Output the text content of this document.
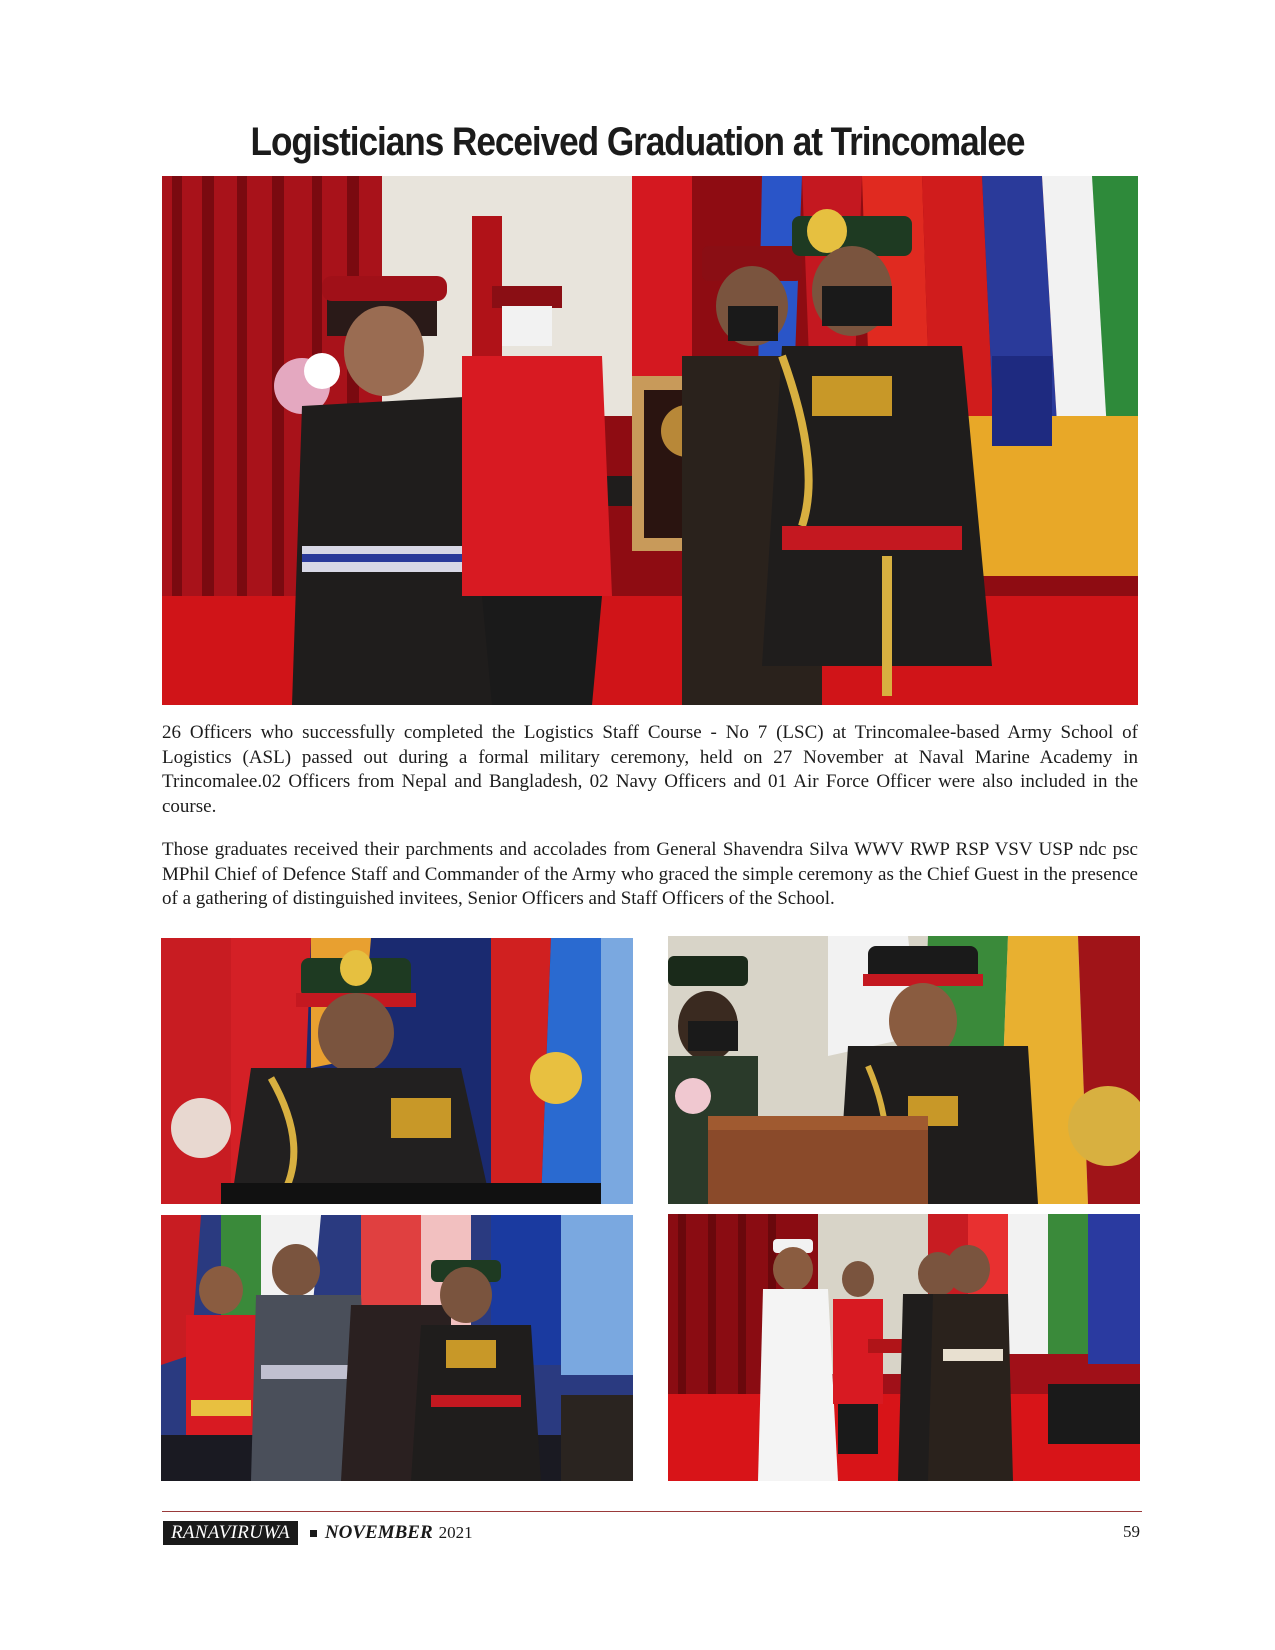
Logisticians Received Graduation at Trincomalee

26 Officers who successfully completed the Logistics Staff Course - No 7 (LSC) at Trincomalee-based Army School of Logistics (ASL) passed out during a formal military ceremony, held on 27 November at Naval Marine Academy in Trincomalee.02 Officers from Nepal and Bangladesh, 02 Navy Officers and 01 Air Force Officer were also included in the course.

Those graduates received their parchments and accolades from General Shavendra Silva WWV RWP RSP VSV USP ndc psc MPhil Chief of Defence Staff and Commander of the Army who graced the simple ceremony as the Chief Guest in the presence of a gathering of distinguished invitees, Senior Officers and Staff Officers of the School.

RANAVIRUWA	NOVEMBER 2021	59
